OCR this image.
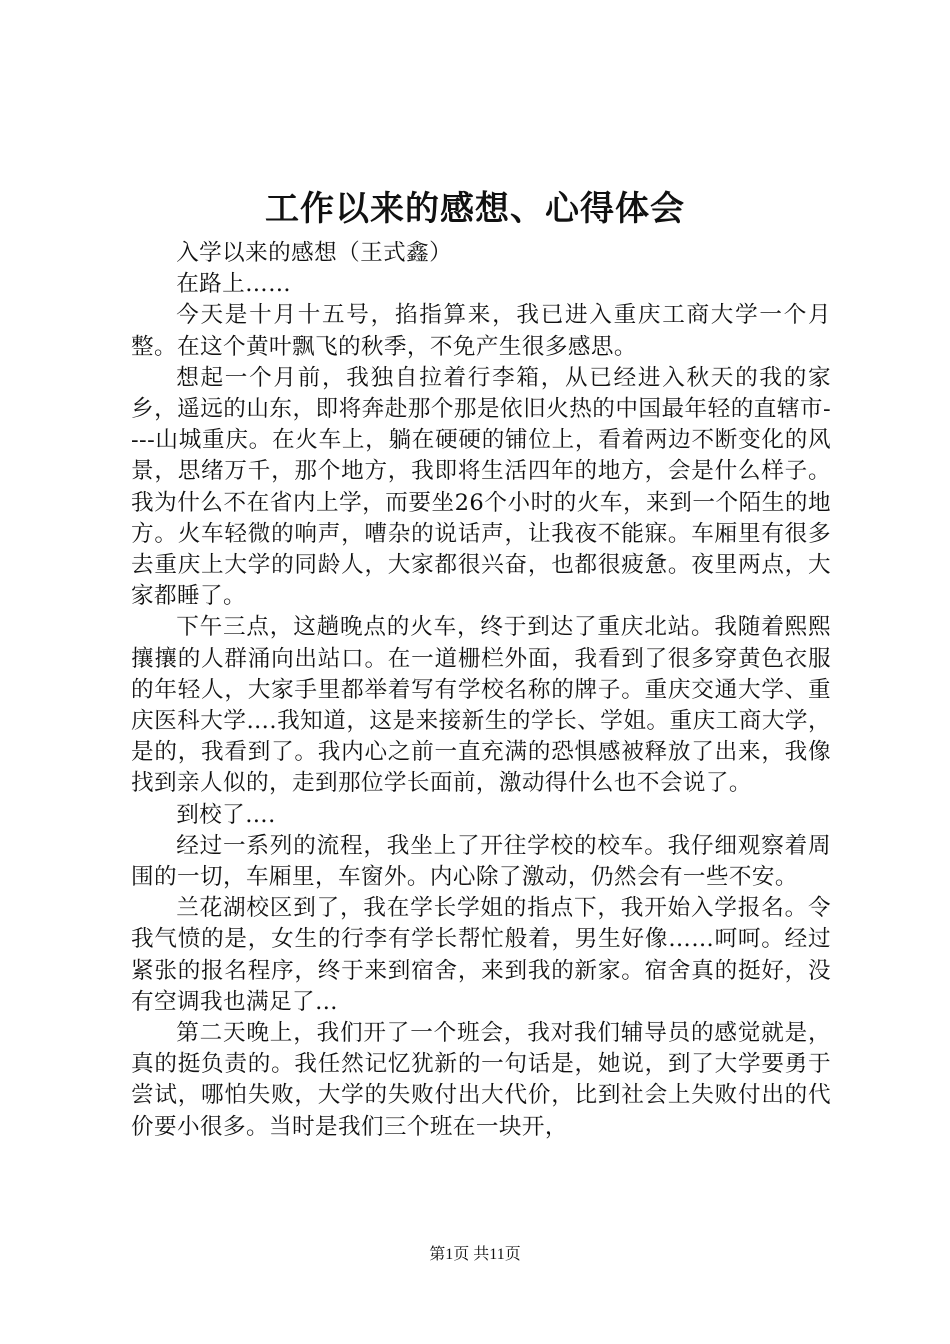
工作以来的感想、心得体会

入学以来的感想（王式鑫）

在路上……

今天是十月十五号，掐指算来，我已进入重庆工商大学一个月整。在这个黄叶飘飞的秋季，不免产生很多感思。

想起一个月前，我独自拉着行李箱，从已经进入秋天的我的家乡，遥远的山东，即将奔赴那个那是依旧火热的中国最年轻的直辖市----山城重庆。在火车上，躺在硬硬的铺位上，看着两边不断变化的风景，思绪万千，那个地方，我即将生活四年的地方，会是什么样子。我为什么不在省内上学，而要坐26个小时的火车，来到一个陌生的地方。火车轻微的响声，嘈杂的说话声，让我夜不能寐。车厢里有很多去重庆上大学的同龄人，大家都很兴奋，也都很疲惫。夜里两点，大家都睡了。

下午三点，这趟晚点的火车，终于到达了重庆北站。我随着熙熙攘攘的人群涌向出站口。在一道栅栏外面，我看到了很多穿黄色衣服的年轻人，大家手里都举着写有学校名称的牌子。重庆交通大学、重庆医科大学….我知道，这是来接新生的学长、学姐。重庆工商大学，是的，我看到了。我内心之前一直充满的恐惧感被释放了出来，我像找到亲人似的，走到那位学长面前，激动得什么也不会说了。

到校了….

经过一系列的流程，我坐上了开往学校的校车。我仔细观察着周围的一切，车厢里，车窗外。内心除了激动，仍然会有一些不安。

兰花湖校区到了，我在学长学姐的指点下，我开始入学报名。令我气愤的是，女生的行李有学长帮忙般着，男生好像……呵呵。经过紧张的报名程序，终于来到宿舍，来到我的新家。宿舍真的挺好，没有空调我也满足了…

第二天晚上，我们开了一个班会，我对我们辅导员的感觉就是，真的挺负责的。我任然记忆犹新的一句话是，她说，到了大学要勇于尝试，哪怕失败，大学的失败付出大代价，比到社会上失败付出的代价要小很多。当时是我们三个班在一块开，

第1页 共11页
